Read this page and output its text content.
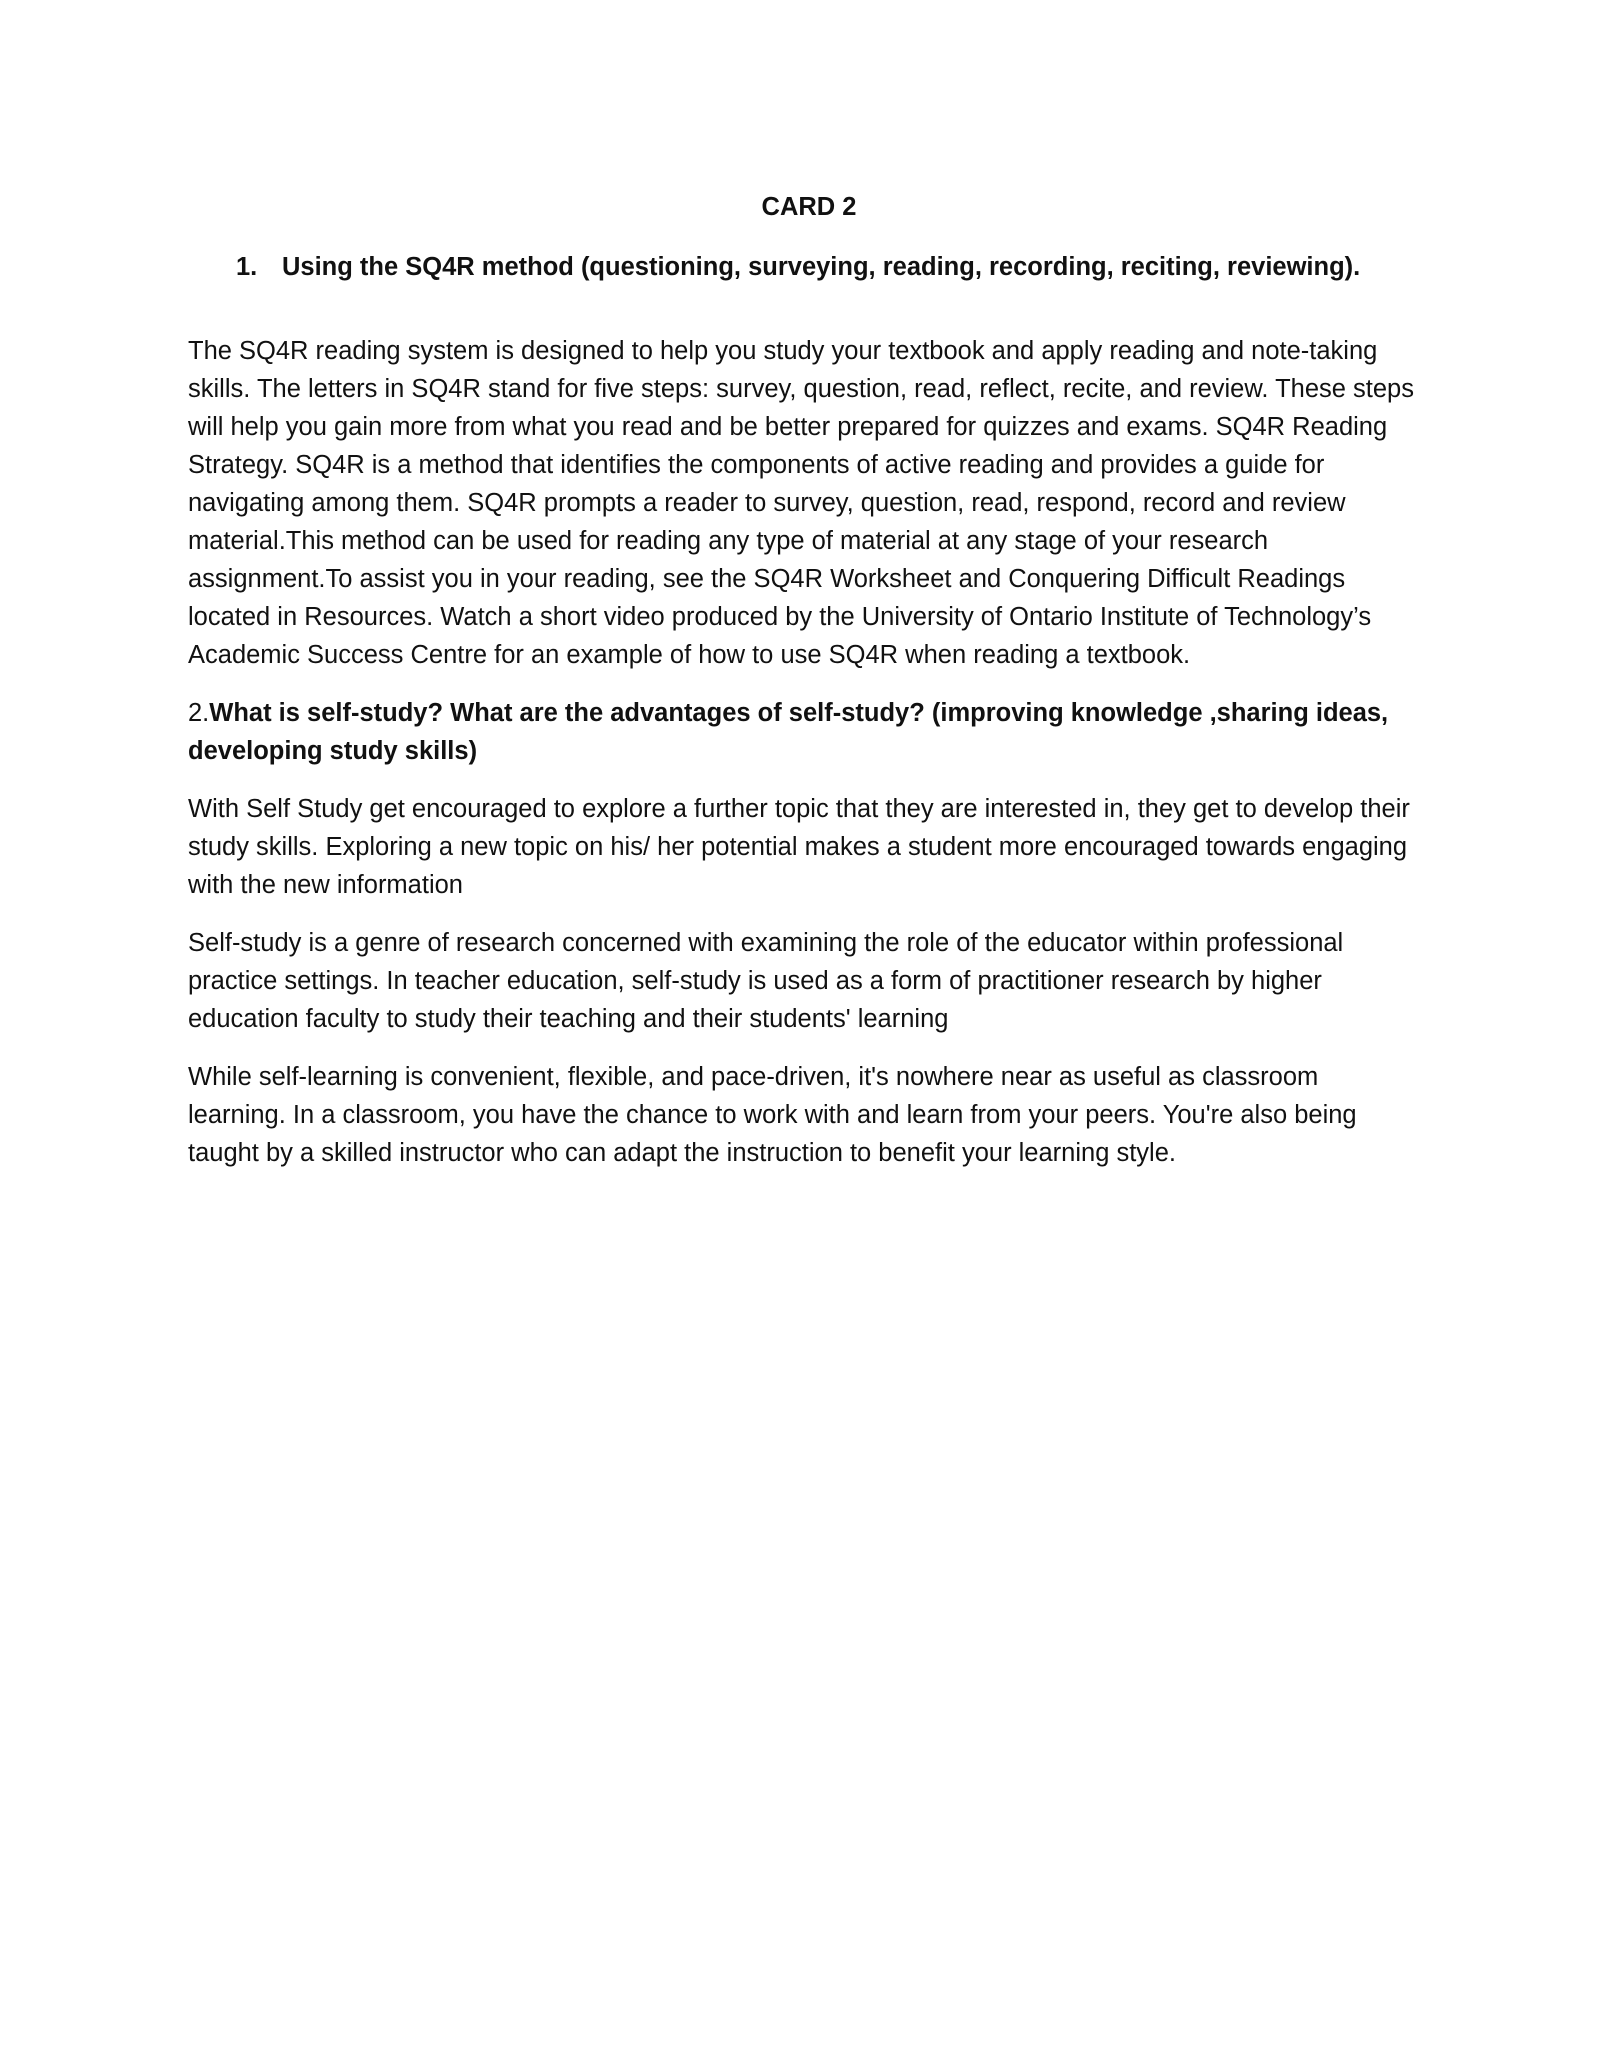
CARD 2
1. Using the SQ4R method (questioning, surveying, reading, recording, reciting, reviewing).

The SQ4R reading system is designed to help you study your textbook and apply reading and note-taking skills. The letters in SQ4R stand for five steps: survey, question, read, reflect, recite, and review. These steps will help you gain more from what you read and be better prepared for quizzes and exams. SQ4R Reading Strategy. SQ4R is a method that identifies the components of active reading and provides a guide for navigating among them. SQ4R prompts a reader to survey, question, read, respond, record and review material.This method can be used for reading any type of material at any stage of your research assignment.To assist you in your reading, see the SQ4R Worksheet and Conquering Difficult Readings located in Resources. Watch a short video produced by the University of Ontario Institute of Technology’s Academic Success Centre for an example of how to use SQ4R when reading a textbook.

2.What is self-study? What are the advantages of self-study? (improving knowledge ,sharing ideas, developing study skills)

With Self Study get encouraged to explore a further topic that they are interested in, they get to develop their study skills. Exploring a new topic on his/ her potential makes a student more encouraged towards engaging with the new information

Self-study is a genre of research concerned with examining the role of the educator within professional practice settings. In teacher education, self-study is used as a form of practitioner research by higher education faculty to study their teaching and their students' learning

While self-learning is convenient, flexible, and pace-driven, it's nowhere near as useful as classroom learning. In a classroom, you have the chance to work with and learn from your peers. You're also being taught by a skilled instructor who can adapt the instruction to benefit your learning style.
